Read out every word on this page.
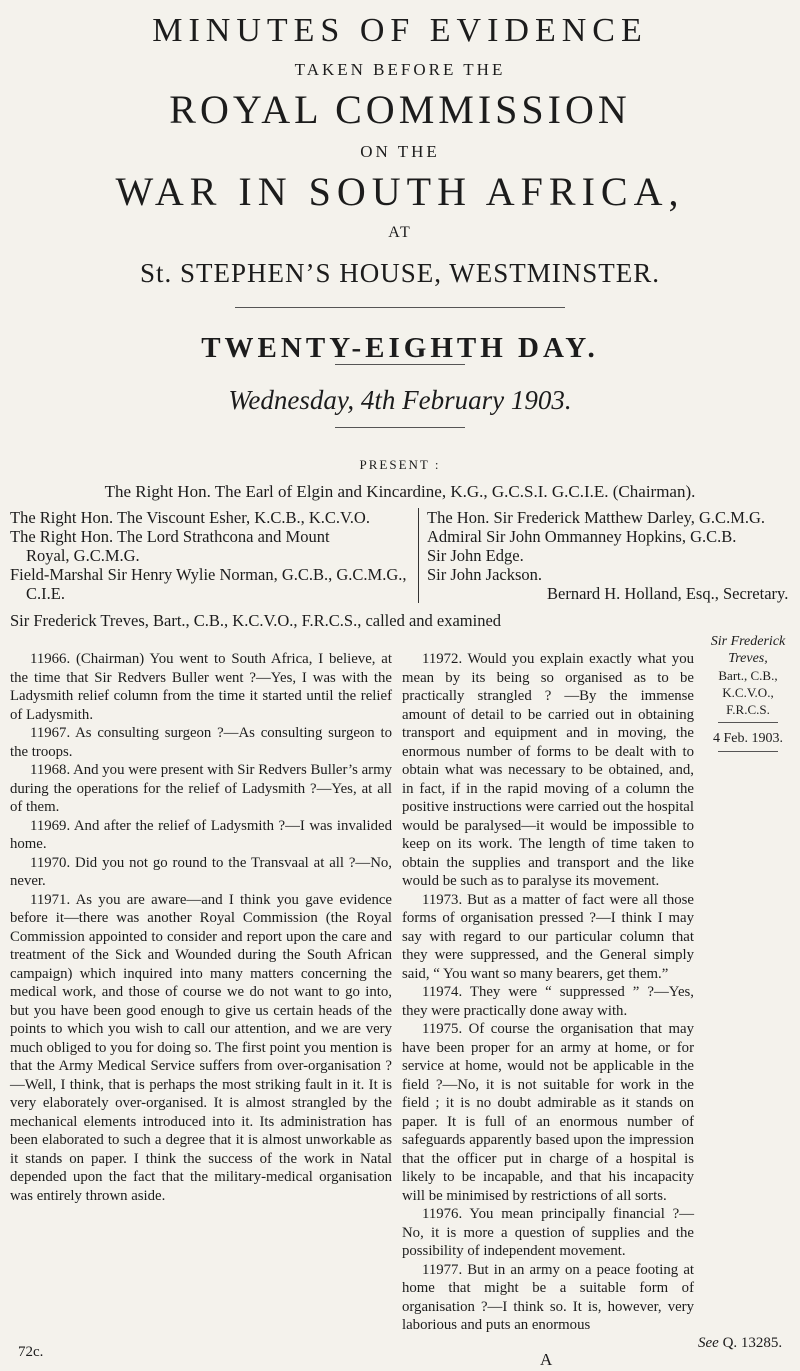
MINUTES OF EVIDENCE
TAKEN BEFORE THE
ROYAL COMMISSION
ON THE
WAR IN SOUTH AFRICA,
AT
St. STEPHEN’S HOUSE, WESTMINSTER.
TWENTY-EIGHTH DAY.
Wednesday, 4th February 1903.
PRESENT :
The Right Hon. The Earl of Elgin and Kincardine, K.G., G.C.S.I. G.C.I.E. (Chairman).
The Right Hon. The Viscount Esher, K.C.B., K.C.V.O.
The Right Hon. The Lord Strathcona and Mount
Royal, G.C.M.G.
Field-Marshal Sir Henry Wylie Norman, G.C.B., G.C.M.G.,
C.I.E.
The Hon. Sir Frederick Matthew Darley, G.C.M.G.
Admiral Sir John Ommanney Hopkins, G.C.B.
Sir John Edge.
Sir John Jackson.
Bernard H. Holland, Esq., Secretary.
Sir Frederick Treves, Bart., C.B., K.C.V.O., F.R.C.S., called and examined
Sir Frederick Treves,
Bart., C.B.,
K.C.V.O.,
F.R.C.S.
4 Feb. 1903.

11966. (Chairman) You went to South Africa, I believe, at the time that Sir Redvers Buller went ?—Yes, I was with the Ladysmith relief column from the time it started until the relief of Ladysmith.

11967. As consulting surgeon ?—As consulting surgeon to the troops.

11968. And you were present with Sir Redvers Buller’s army during the operations for the relief of Ladysmith ?—Yes, at all of them.

11969. And after the relief of Ladysmith ?—I was invalided home.

11970. Did you not go round to the Transvaal at all ?—No, never.

11971. As you are aware—and I think you gave evidence before it—there was another Royal Commission (the Royal Commission appointed to consider and report upon the care and treatment of the Sick and Wounded during the South African campaign) which inquired into many matters concerning the medical work, and those of course we do not want to go into, but you have been good enough to give us certain heads of the points to which you wish to call our attention, and we are very much obliged to you for doing so. The first point you mention is that the Army Medical Service suffers from over-organisation ? —Well, I think, that is perhaps the most striking fault in it. It is very elaborately over-organised. It is almost strangled by the mechanical elements introduced into it. Its administration has been elaborated to such a degree that it is almost unworkable as it stands on paper. I think the success of the work in Natal depended upon the fact that the military-medical organisation was entirely thrown aside.

11972. Would you explain exactly what you mean by its being so organised as to be practically strangled ? —By the immense amount of detail to be carried out in obtaining transport and equipment and in moving, the enormous number of forms to be dealt with to obtain what was necessary to be obtained, and, in fact, if in the rapid moving of a column the positive instructions were carried out the hospital would be paralysed—it would be impossible to keep on its work. The length of time taken to obtain the supplies and transport and the like would be such as to paralyse its movement.

11973. But as a matter of fact were all those forms of organisation pressed ?—I think I may say with regard to our particular column that they were suppressed, and the General simply said, “ You want so many bearers, get them.”

11974. They were “ suppressed ” ?—Yes, they were practically done away with.

11975. Of course the organisation that may have been proper for an army at home, or for service at home, would not be applicable in the field ?—No, it is not suitable for work in the field ; it is no doubt admirable as it stands on paper. It is full of an enormous number of safeguards apparently based upon the impression that the officer put in charge of a hospital is likely to be incapable, and that his incapacity will be minimised by restrictions of all sorts.

11976. You mean principally financial ?—No, it is more a question of supplies and the possibility of independent movement.

11977. But in an army on a peace footing at home that might be a suitable form of organisation ?—I think so. It is, however, very laborious and puts an enormous

72c.	A
See Q. 13285.
